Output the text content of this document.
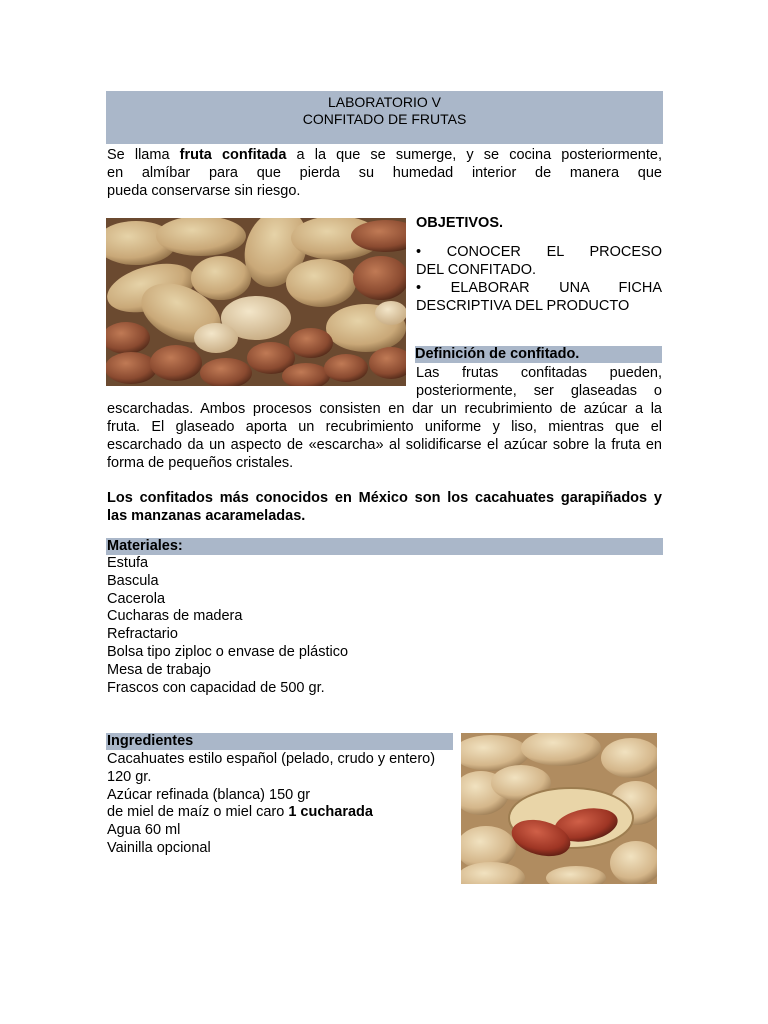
LABORATORIO V
CONFITADO DE FRUTAS
Se llama fruta confitada a la que se sumerge, y se cocina posteriormente,
en almíbar para que pierda su humedad interior de manera que
pueda conservarse sin riesgo.
OBJETIVOS.
• CONOCER EL PROCESO
DEL CONFITADO.
• ELABORAR UNA FICHA
DESCRIPTIVA DEL PRODUCTO
Definición de confitado.
Las frutas confitadas pueden,
posteriormente, ser glaseadas o
escarchadas. Ambos procesos consisten en dar un recubrimiento de azúcar a la
fruta. El glaseado aporta un recubrimiento uniforme y liso, mientras que el
escarchado da un aspecto de «escarcha» al solidificarse el azúcar sobre la fruta en
forma de pequeños cristales.
Los confitados más conocidos en México son los cacahuates garapiñados y
las manzanas acarameladas.
Materiales:
Estufa
Bascula
Cacerola
Cucharas de madera
Refractario
Bolsa tipo ziploc o envase de plástico
Mesa de trabajo
Frascos con capacidad de 500 gr.
Ingredientes
Cacahuates estilo español (pelado, crudo y entero)
120 gr.
Azúcar refinada (blanca) 150 gr
de miel de maíz o miel caro 1 cucharada
Agua 60 ml
Vainilla opcional
